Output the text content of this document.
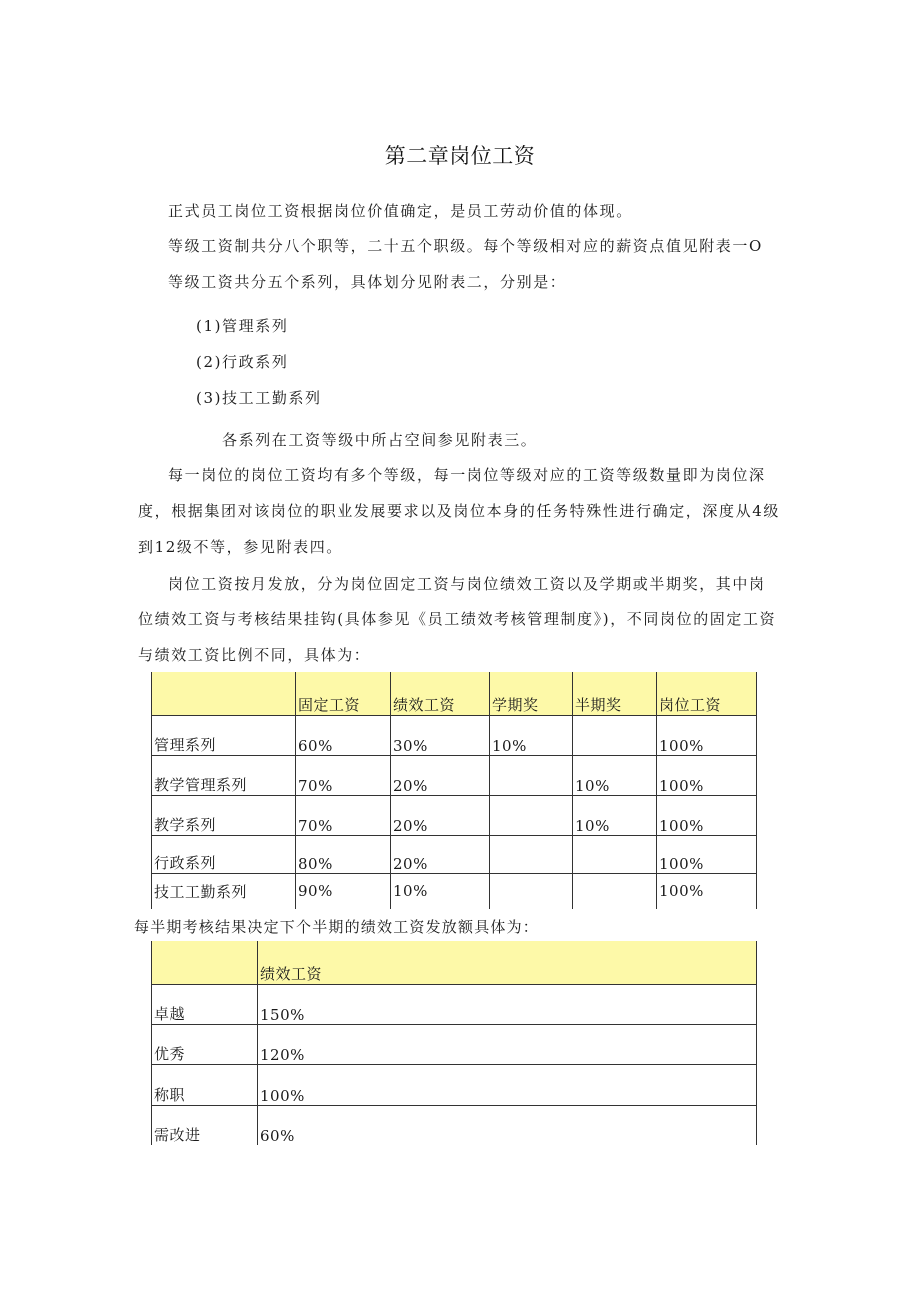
第二章岗位工资
正式员工岗位工资根据岗位价值确定，是员工劳动价值的体现。
等级工资制共分八个职等，二十五个职级。每个等级相对应的薪资点值见附表一O
等级工资共分五个系列，具体划分见附表二，分别是：
(1)管理系列
(2)行政系列
(3)技工工勤系列
各系列在工资等级中所占空间参见附表三。
每一岗位的岗位工资均有多个等级，每一岗位等级对应的工资等级数量即为岗位深
度，根据集团对该岗位的职业发展要求以及岗位本身的任务特殊性进行确定，深度从4级
到12级不等，参见附表四。
岗位工资按月发放，分为岗位固定工资与岗位绩效工资以及学期或半期奖，其中岗
位绩效工资与考核结果挂钩(具体参见《员工绩效考核管理制度》)，不同岗位的固定工资
与绩效工资比例不同，具体为：
	固定工资	绩效工资	学期奖	半期奖	岗位工资
管理系列	60%	30%	10%		100%
教学管理系列	70%	20%		10%	100%
教学系列	70%	20%		10%	100%
行政系列	80%	20%			100%
技工工勤系列	90%	10%			100%
每半期考核结果决定下个半期的绩效工资发放额具体为：
	绩效工资
卓越	150%
优秀	120%
称职	100%
需改进	60%
